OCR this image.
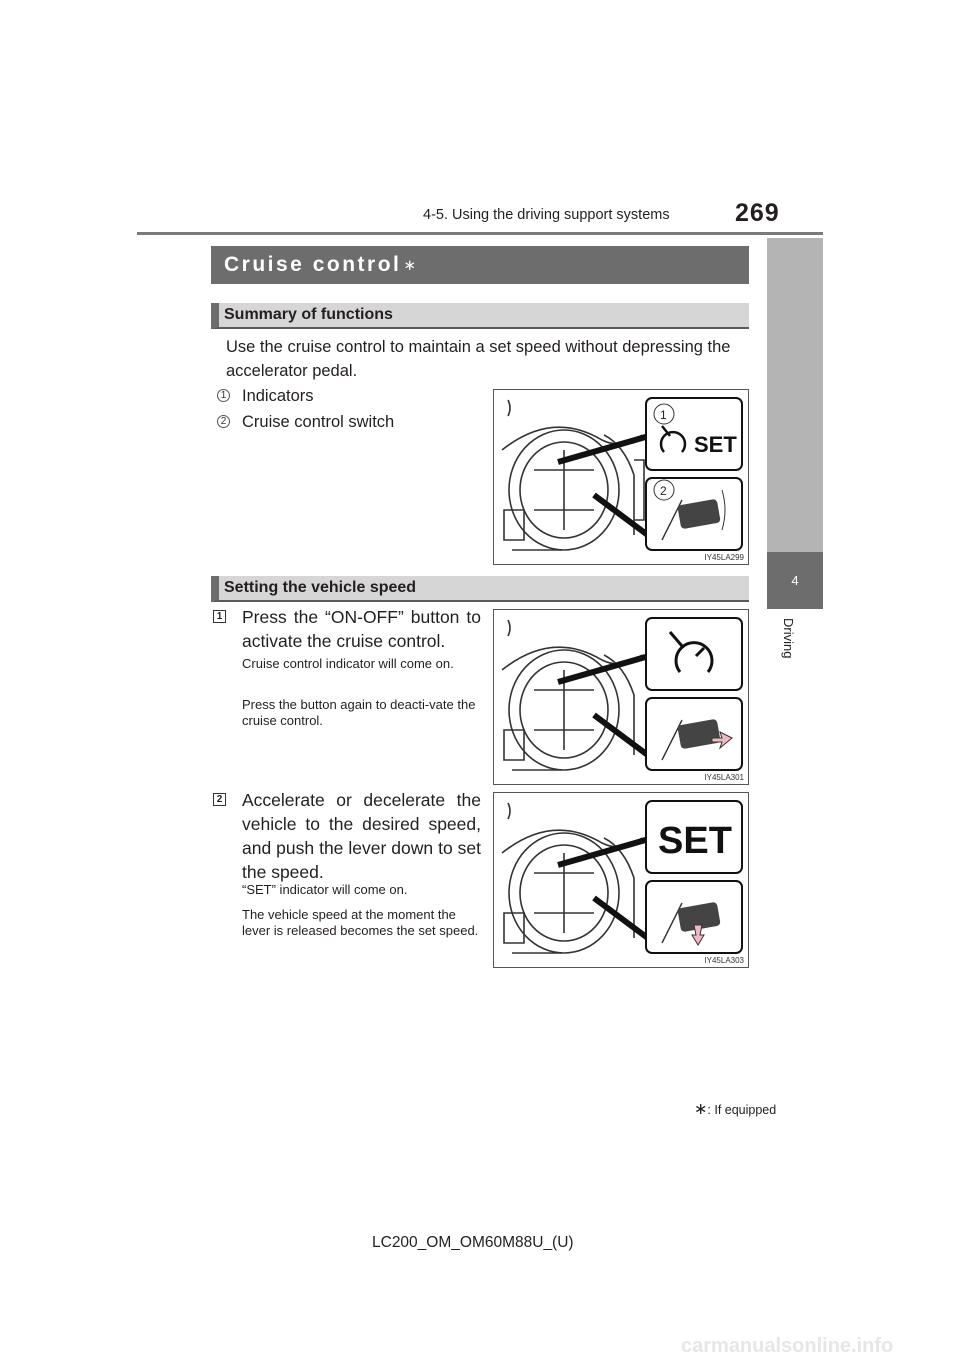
4-5. Using the driving support systems	269
4
Driving
Cruise control ∗
Summary of functions
Use the cruise control to maintain a set speed without depressing the accelerator pedal.
1 Indicators
2 Cruise control switch	1
2
SET
IY45LA299
Setting the vehicle speed
1 Press the “ON-OFF” button to activate the cruise control.
Cruise control indicator will come on.
Press the button again to deacti-vate the cruise control.
IY45LA301
2 Accelerate or decelerate the vehicle to the desired speed, and push the lever down to set the speed.
“SET” indicator will come on.
The vehicle speed at the moment the lever is released becomes the set speed.
SET
IY45LA303
∗: If equipped
LC200_OM_OM60M88U_(U)
carmanualsonline.info
